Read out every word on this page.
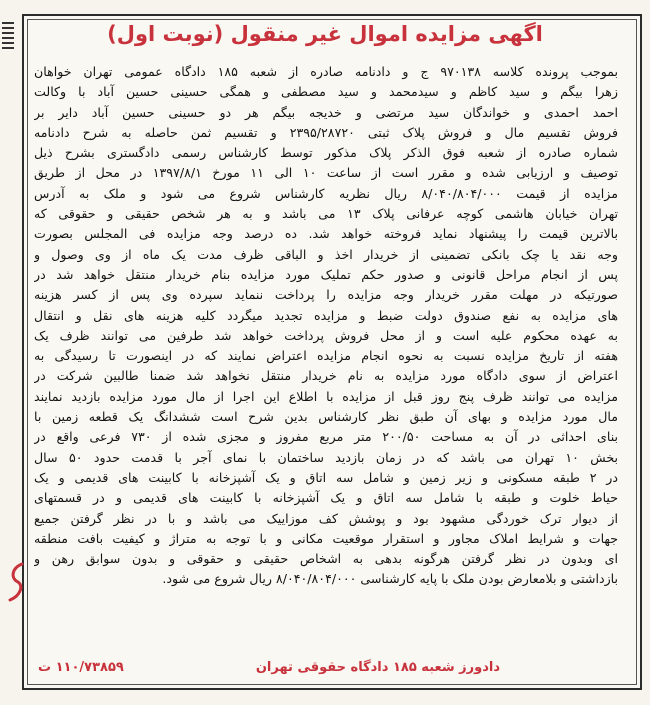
اگهی مزایده اموال غیر منقول (نوبت اول)
بموجب پرونده کلاسه ۹۷۰۱۳۸ ج و دادنامه صادره از شعبه ۱۸۵ دادگاه عمومی تهران خواهان
زهرا بیگم و سید کاظم و سیدمحمد و سید مصطفی و همگی حسینی حسین آباد با وکالت
احمد احمدی و خواندگان سید مرتضی و خدیجه بیگم هر دو حسینی حسین آباد دایر بر
فروش تقسیم مال و فروش پلاک ثبتی ۲۳۹۵/۲۸۷۲۰ و تقسیم ثمن حاصله به شرح دادنامه
شماره صادره از شعبه فوق الذکر پلاک مذکور توسط کارشناس رسمی دادگستری بشرح ذیل
توصیف و ارزیابی شده و مقرر است از ساعت ۱۰ الی ۱۱ مورخ ۱۳۹۷/۸/۱ در محل از طریق
مزایده از قیمت ۸/۰۴۰/۸۰۴/۰۰۰ ریال نظریه کارشناس شروع می شود و ملک به آدرس
تهران خیابان هاشمی کوچه عرفانی پلاک ۱۳ می باشد و به هر شخص حقیقی و حقوقی که
بالاترین قیمت را پیشنهاد نماید فروخته خواهد شد. ده درصد وجه مزایده فی المجلس بصورت
وجه نقد یا چک بانکی تضمینی از خریدار اخذ و الباقی ظرف مدت یک ماه از وی وصول و
پس از انجام مراحل قانونی و صدور حکم تملیک مورد مزایده بنام خریدار منتقل خواهد شد در
صورتیکه در مهلت مقرر خریدار وجه مزایده را پرداخت ننماید سپرده وی پس از کسر هزینه
های مزایده به نفع صندوق دولت ضبط و مزایده تجدید میگردد کلیه هزینه های نقل و انتقال
به عهده محکوم علیه است و از محل فروش پرداخت خواهد شد طرفین می توانند ظرف یک
هفته از تاریخ مزایده نسبت به نحوه انجام مزایده اعتراض نمایند که در اینصورت تا رسیدگی به
اعتراض از سوی دادگاه مورد مزایده به نام خریدار منتقل نخواهد شد ضمنا طالبین شرکت در
مزایده می توانند ظرف پنج روز قبل از مزایده با اطلاع این اجرا از مال مورد مزایده بازدید نمایند
مال مورد مزایده و بهای آن طبق نظر کارشناس بدین شرح است ششدانگ یک قطعه زمین با
بنای احداثی در آن به مساحت ۲۰۰/۵۰ متر مربع مفروز و مجزی شده از ۷۳۰ فرعی واقع در
بخش ۱۰ تهران می باشد که در زمان بازدید ساختمان با نمای آجر با قدمت حدود ۵۰ سال
در ۲ طبقه مسکونی و زیر زمین و شامل سه اتاق و یک آشپزخانه با کابینت های قدیمی و یک
حیاط خلوت و طبقه با شامل سه اتاق و یک آشپزخانه با کابینت های قدیمی و در قسمتهای
از دیوار ترک خوردگی مشهود بود و پوشش کف موزاییک می باشد و با در نظر گرفتن جمیع
جهات و شرایط املاک مجاور و استقرار موقعیت مکانی و با توجه به متراژ و کیفیت بافت منطقه
ای وبدون در نظر گرفتن هرگونه بدهی به اشخاص حقیقی و حقوقی و بدون سوابق رهن و
بازداشتی و بلامعارض بودن ملک با پایه کارشناسی ۸/۰۴۰/۸۰۴/۰۰۰ ریال شروع می شود.
دادورز شعبه ۱۸۵ دادگاه حقوقی تهران
۱۱۰/۷۳۸۵۹ ت
